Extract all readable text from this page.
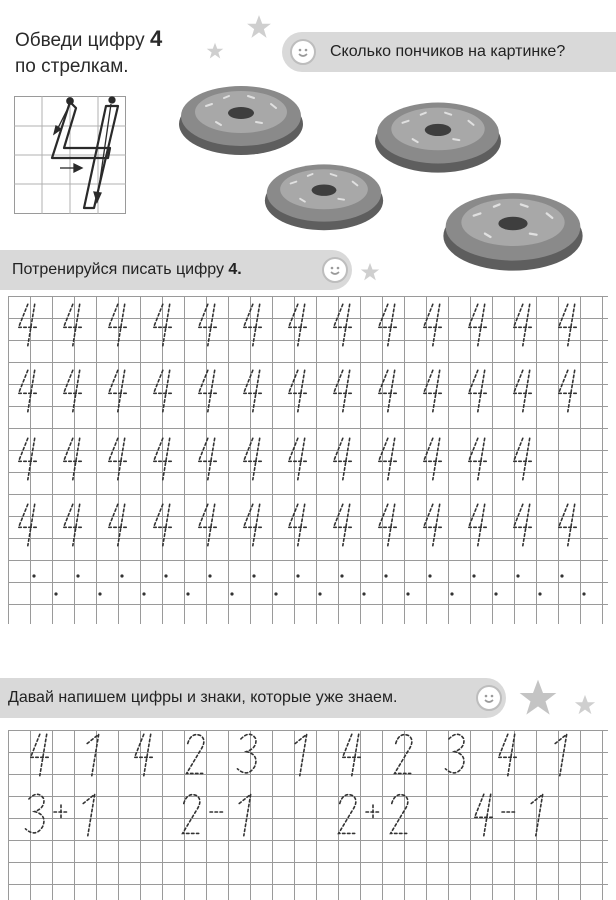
Обведи цифру 4
по стрелкам.
Сколько пончиков на картинке?
Потренируйся писать цифру 4.
Давай напишем цифры и знаки, которые уже знаем.
